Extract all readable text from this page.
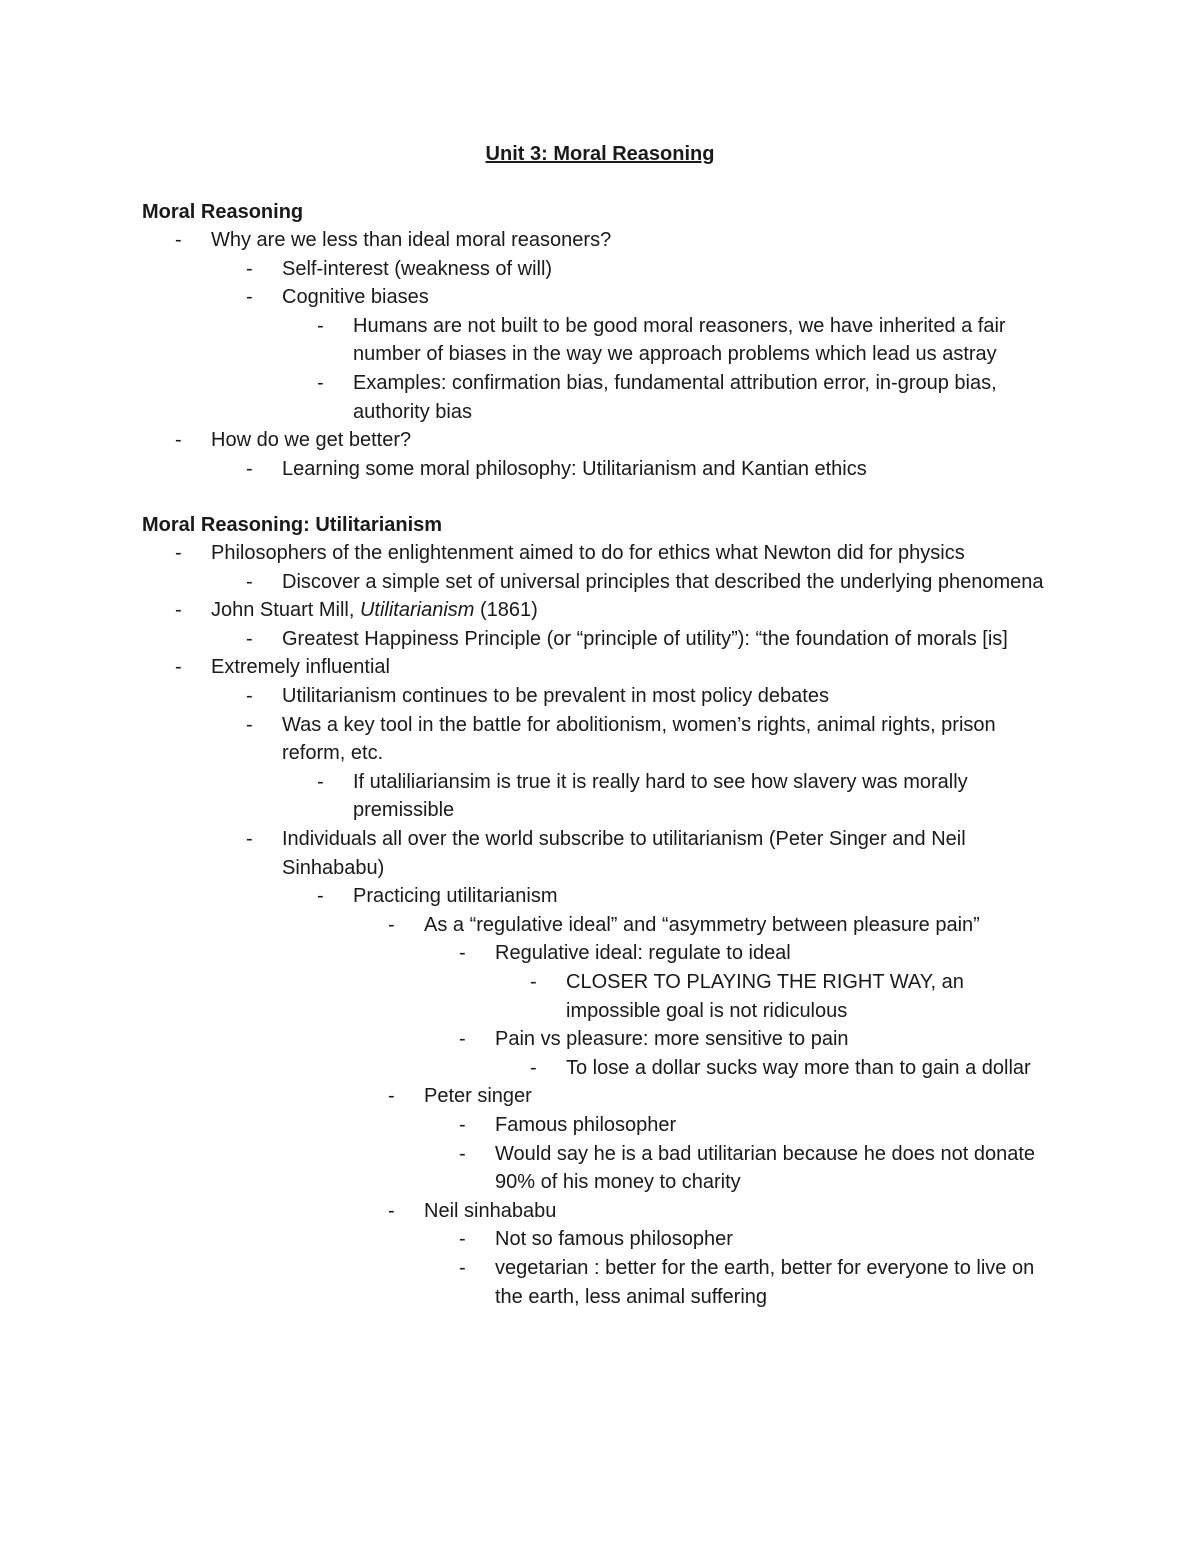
Unit 3: Moral Reasoning
Moral Reasoning
- Why are we less than ideal moral reasoners?
- Self-interest (weakness of will)
- Cognitive biases
- Humans are not built to be good moral reasoners, we have inherited a fair number of biases in the way we approach problems which lead us astray
- Examples: confirmation bias, fundamental attribution error, in-group bias, authority bias
- How do we get better?
- Learning some moral philosophy: Utilitarianism and Kantian ethics
Moral Reasoning: Utilitarianism
- Philosophers of the enlightenment aimed to do for ethics what Newton did for physics
- Discover a simple set of universal principles that described the underlying phenomena
- John Stuart Mill, Utilitarianism (1861)
- Greatest Happiness Principle (or “principle of utility”): “the foundation of morals [is]
- Extremely influential
- Utilitarianism continues to be prevalent in most policy debates
- Was a key tool in the battle for abolitionism, women’s rights, animal rights, prison reform, etc.
- If utaliliariansim is true it is really hard to see how slavery was morally premissible
- Individuals all over the world subscribe to utilitarianism (Peter Singer and Neil Sinhababu)
- Practicing utilitarianism
- As a “regulative ideal” and “asymmetry between pleasure pain”
- Regulative ideal: regulate to ideal
- CLOSER TO PLAYING THE RIGHT WAY, an impossible goal is not ridiculous
- Pain vs pleasure: more sensitive to pain
- To lose a dollar sucks way more than to gain a dollar
- Peter singer
- Famous philosopher
- Would say he is a bad utilitarian because he does not donate 90% of his money to charity
- Neil sinhababu
- Not so famous philosopher
- vegetarian : better for the earth, better for everyone to live on the earth, less animal suffering
